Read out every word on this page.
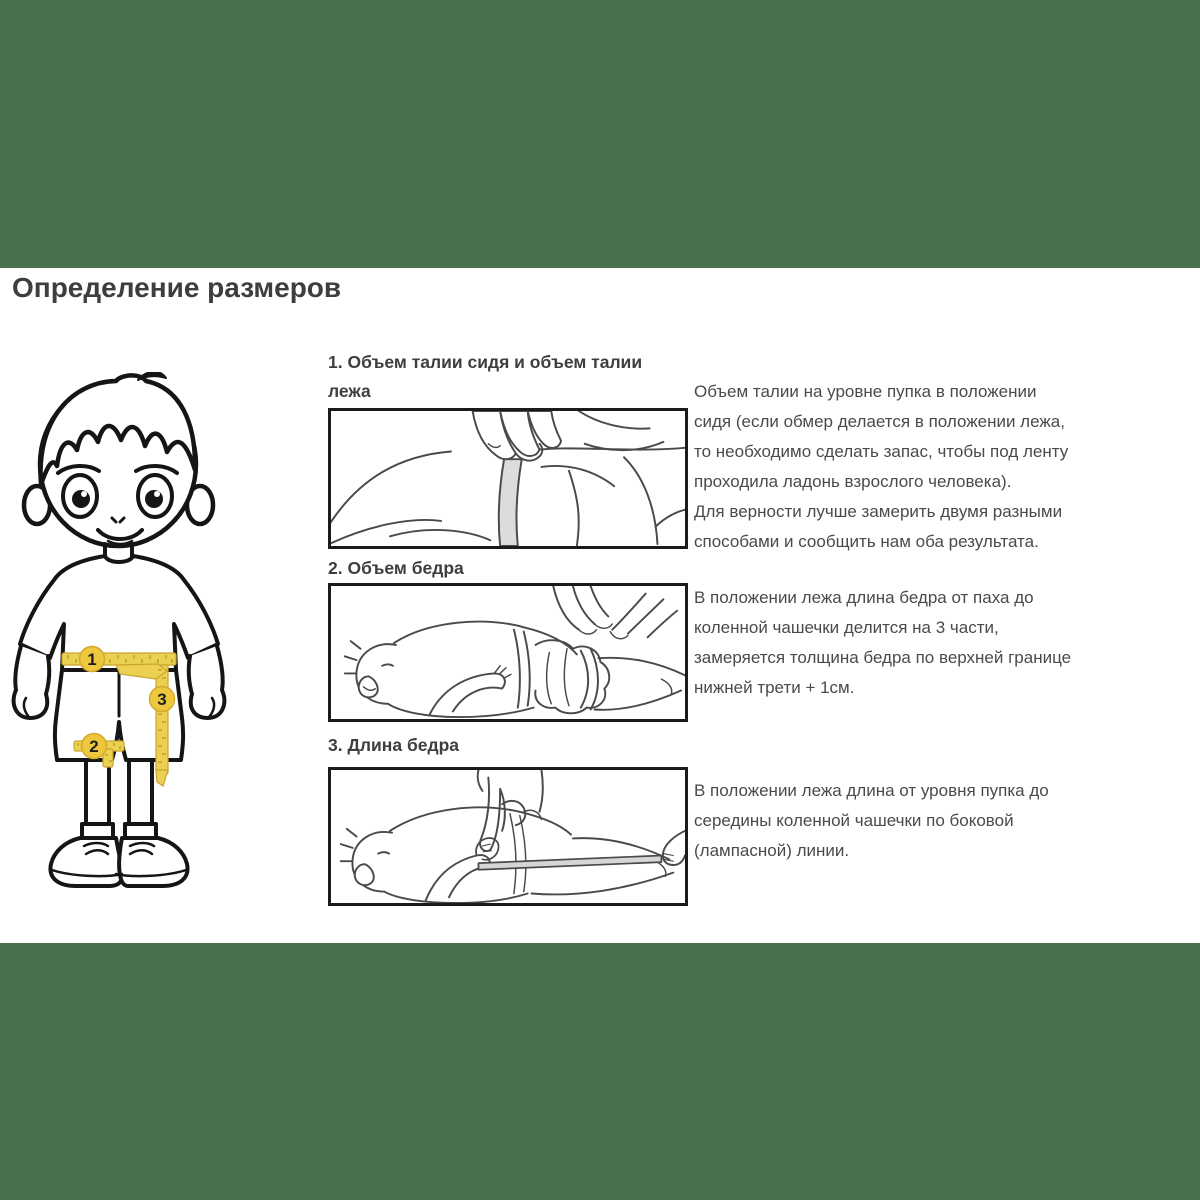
Определение размеров
1
2
3
1. Объем талии сидя и объем талии
лежа	Объем талии на уровне пупка в положении
сидя (если обмер делается в положении лежа,
то необходимо сделать запас, чтобы под ленту
проходила ладонь взрослого человека).
Для верности лучше замерить двумя разными
способами и сообщить нам оба результата.
2. Объем бедра
В положении лежа длина бедра от паха до
коленной чашечки делится на 3 части,
замеряется толщина бедра по верхней границе
нижней трети + 1см.
3. Длина бедра
В положении лежа длина от уровня пупка до
середины коленной чашечки по боковой
(лампасной) линии.
